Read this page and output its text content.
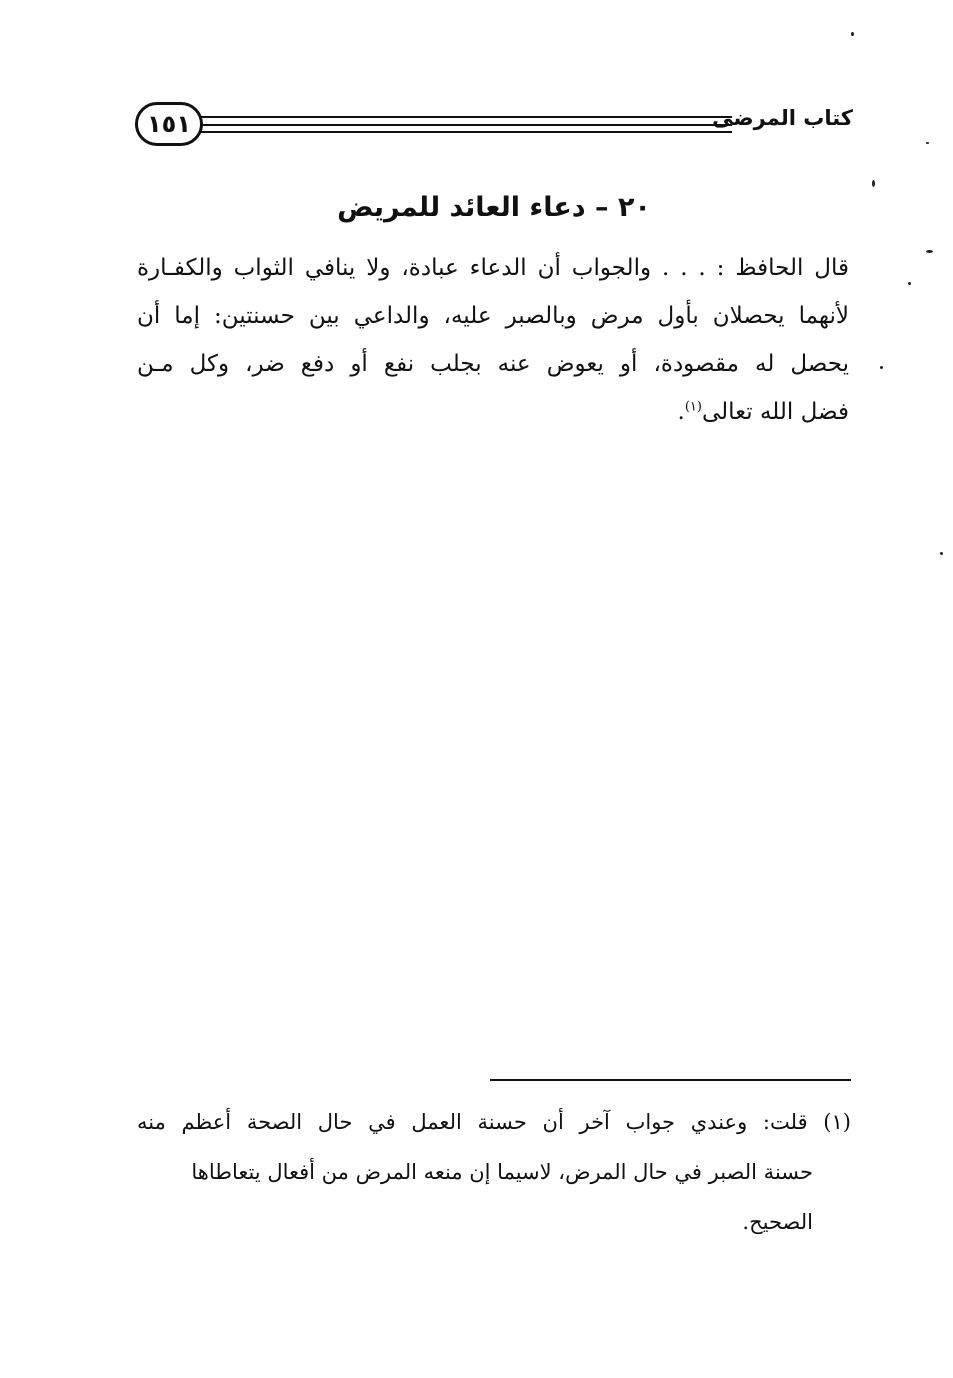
١٥١	كتاب المرضى
٢٠ – دعاء العائد للمريض
قال الحافظ : . . . والجواب أن الدعاء عبادة، ولا ينافي الثواب والكفـارة
لأنهما يحصلان بأول مرض وبالصبر عليه، والداعي بين حسنتين: إما أن
يحصل له مقصودة، أو يعوض عنه بجلب نفع أو دفع ضر، وكل مـن
فضل الله تعالى$^{(١)}$.
(١) قلت: وعندي جواب آخر أن حسنة العمل في حال الصحة أعظم منه
حسنة الصبر في حال المرض، لاسيما إن منعه المرض من أفعال يتعاطاها
الصحيح.
